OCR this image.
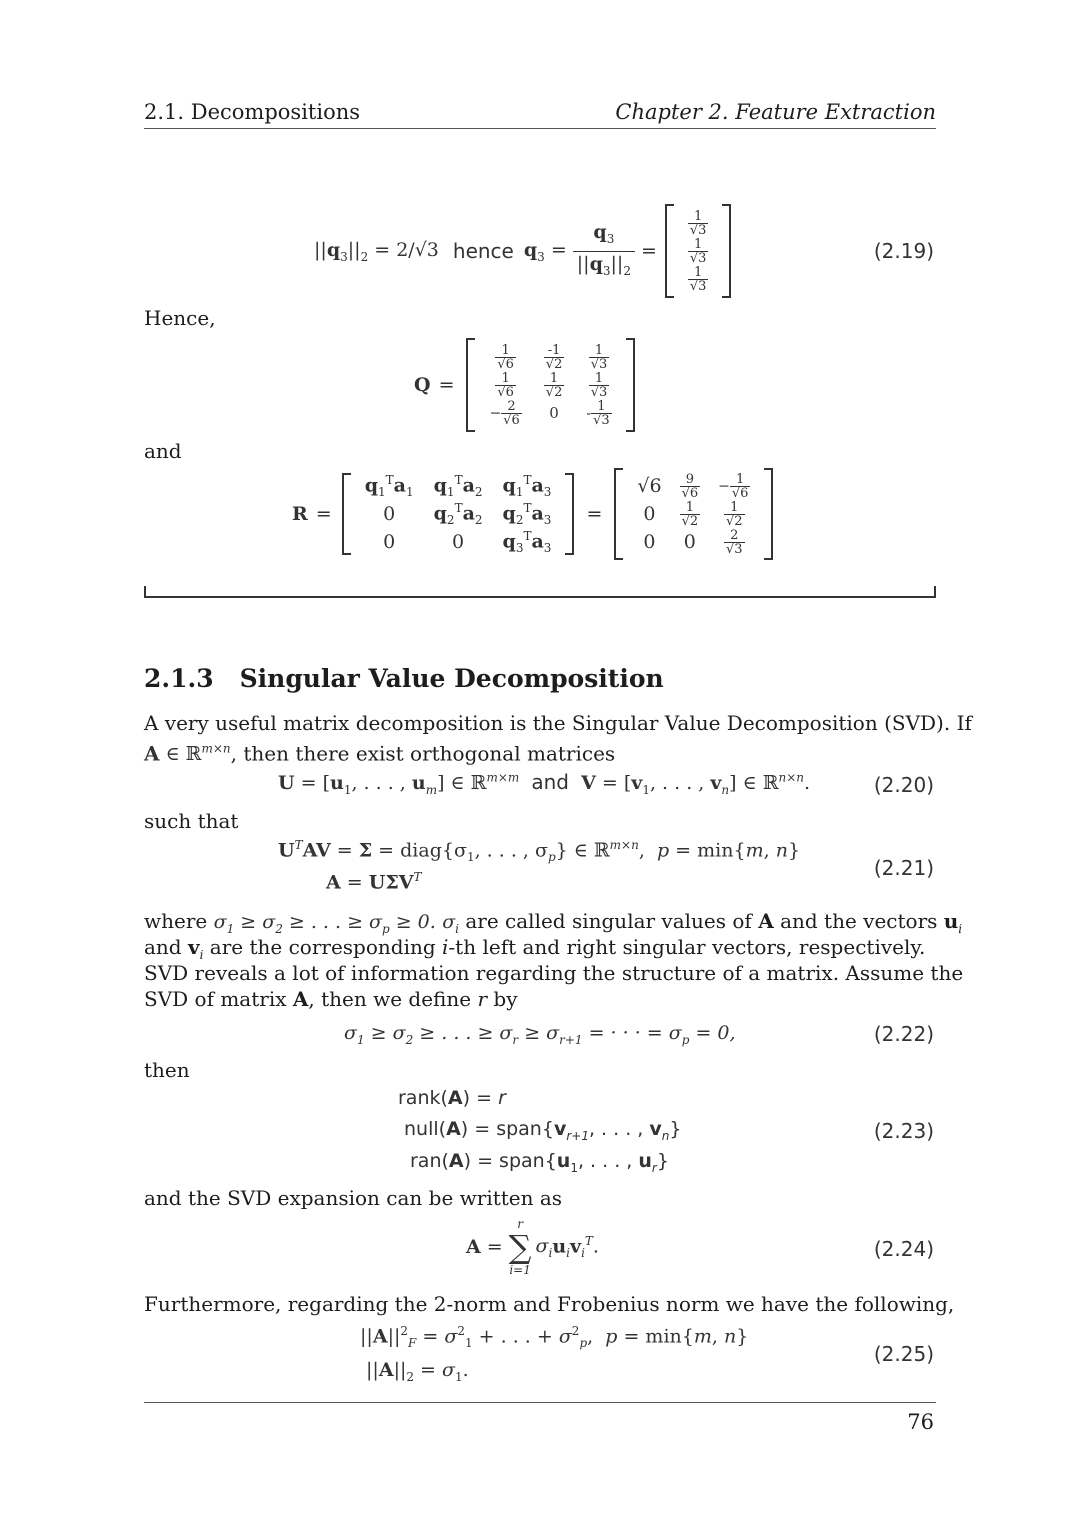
2.1. Decompositions	Chapter 2. Feature Extraction
$||q_3||_2 = 2/√3$ hence $q_3 = \frac{q_3}{||q_3||_2}$ =
$\frac{1}{√3}$
$\frac{1}{√3}$
$\frac{1}{√3}$
(2.19)
Hence,
Q =
$\frac{1}{√6} \frac{-1}{√2} \frac{1}{√3}$
$\frac{1}{√6} \frac{1}{√2} \frac{1}{√3}$
− $\frac{2}{√6} 0 - \frac{1}{√3}$
and
R =
$q_1^Ta_1$ $q_1^Ta_2$ $q_1^Ta_3$
0 $q_2^Ta_2$ $q_2^Ta_3$
0	0 $q_3^Ta_3$
=
$√6 \frac{9}{√6} - \frac{1}{√6}$
$0 \frac{1}{√2} \frac{1}{√2}$
0 $0 \frac{2}{√3}$
2.1.3 Singular Value Decomposition
A very useful matrix decomposition is the Singular Value Decomposition (SVD). If
A ∈ ℝ$^{m\times n}$, then there exist orthogonal matrices
$U = [u_1$, . . . , $u_m$] ∈ ℝ$^{m\times m}$ and $V = [v_1$, . . . , $v_n$] ∈ ℝ$^{n\times n}$.	(2.20)
such that
$U^TAV = \Sigma$ = $diag\{\sigma_1$, . . . , $\sigma_p$} ∈ ℝ$^{m\times n}$,  p = min{m, n}
$A = U\Sigma V^T$	(2.21)
where $\sigma_1 \ge \sigma_2$ ≥ . . . ≥ $\sigma_p \ge 0$. $\sigma_i$ are called singular values of A and the vectors $u_i$
and $v_i$ are the corresponding i-th left and right singular vectors, respectively.
SVD reveals a lot of information regarding the structure of a matrix. Assume the
SVD of matrix A, then we define r by
$\sigma_1 \ge \sigma_2$ ≥ . . . ≥ $\sigma_r \ge \sigma_{r+1}$ = · · · = $\sigma_p = 0$,	(2.22)
then
rank(A) = r
null(A) = $span\{v_{r+1}$, . . . , $v_n$}
$ran(A) = span\{u_1$, . . . , $u_r$}
(2.23)
and the SVD expansion can be written as
A =
r
∑
i=1
$\sigma_iu_iv_i^T$.	(2.24)
Furthermore, regarding the 2-norm and Frobenius norm we have the following,
$||A||^2_F = \sigma^2_1$ + . . . + $\sigma^2_p$,  p = min{m, n}
$||A||_2 = \sigma_1$.
(2.25)
76
